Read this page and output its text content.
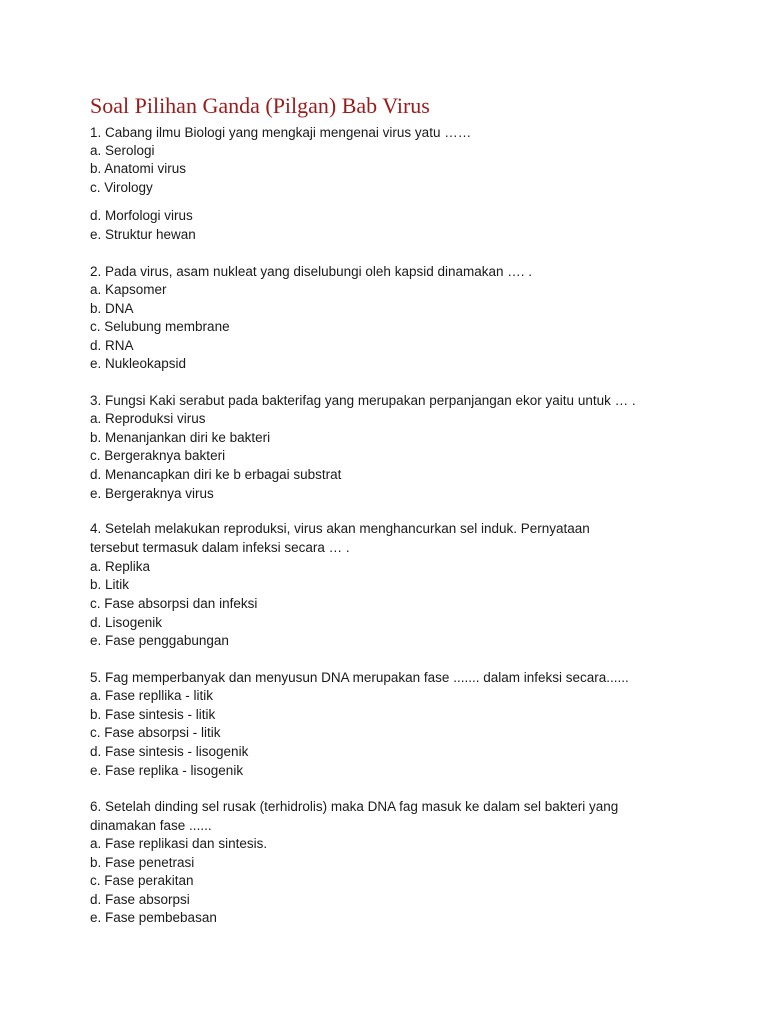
Soal Pilihan Ganda (Pilgan) Bab Virus
1. Cabang ilmu Biologi yang mengkaji mengenai virus yatu ……
a. Serologi
b. Anatomi virus
c. Virology
d. Morfologi virus
e. Struktur hewan
2. Pada virus, asam nukleat yang diselubungi oleh kapsid dinamakan …. .
a. Kapsomer
b. DNA
c. Selubung membrane
d. RNA
e. Nukleokapsid
3. Fungsi Kaki serabut pada bakterifag yang merupakan perpanjangan ekor yaitu untuk … .
a. Reproduksi virus
b. Menanjankan diri ke bakteri
c. Bergeraknya bakteri
d. Menancapkan diri ke b erbagai substrat
e. Bergeraknya virus
4. Setelah melakukan reproduksi, virus akan menghancurkan sel induk. Pernyataan
tersebut termasuk dalam infeksi secara … .
a. Replika
b. Litik
c. Fase absorpsi dan infeksi
d. Lisogenik
e. Fase penggabungan
5. Fag memperbanyak dan menyusun DNA merupakan fase ....... dalam infeksi secara......
a. Fase repllika - litik
b. Fase sintesis - litik
c. Fase absorpsi - litik
d. Fase sintesis - lisogenik
e. Fase replika - lisogenik
6. Setelah dinding sel rusak (terhidrolis) maka DNA fag masuk ke dalam sel bakteri yang
dinamakan fase ......
a. Fase replikasi dan sintesis.
b. Fase penetrasi
c. Fase perakitan
d. Fase absorpsi
e. Fase pembebasan
